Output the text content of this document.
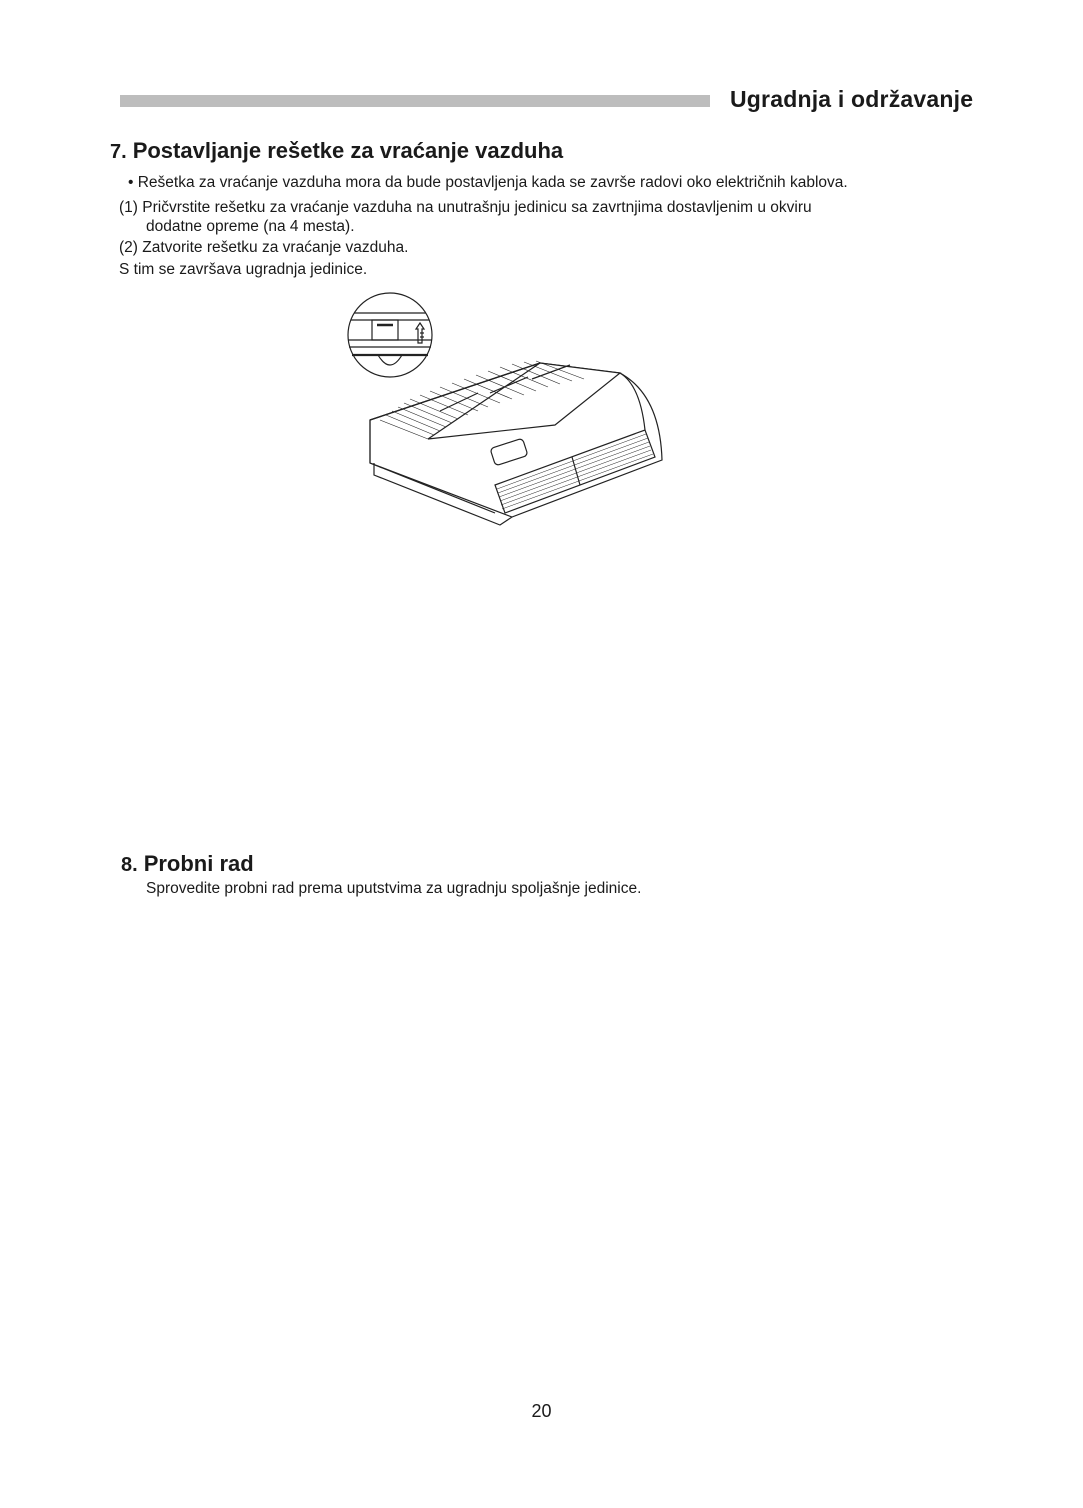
Ugradnja i održavanje
7. Postavljanje rešetke za vraćanje vazduha
• Rešetka za vraćanje vazduha mora da bude postavljenja kada se završe radovi oko električnih kablova.
(1) Pričvrstite rešetku za vraćanje vazduha na unutrašnju jedinicu sa zavrtnjima dostavljenim u okviru
dodatne opreme (na 4 mesta).
(2) Zatvorite rešetku za vraćanje vazduha.
S tim se završava ugradnja jedinice.
8. Probni rad
Sprovedite probni rad prema uputstvima za ugradnju spoljašnje jedinice.
20
